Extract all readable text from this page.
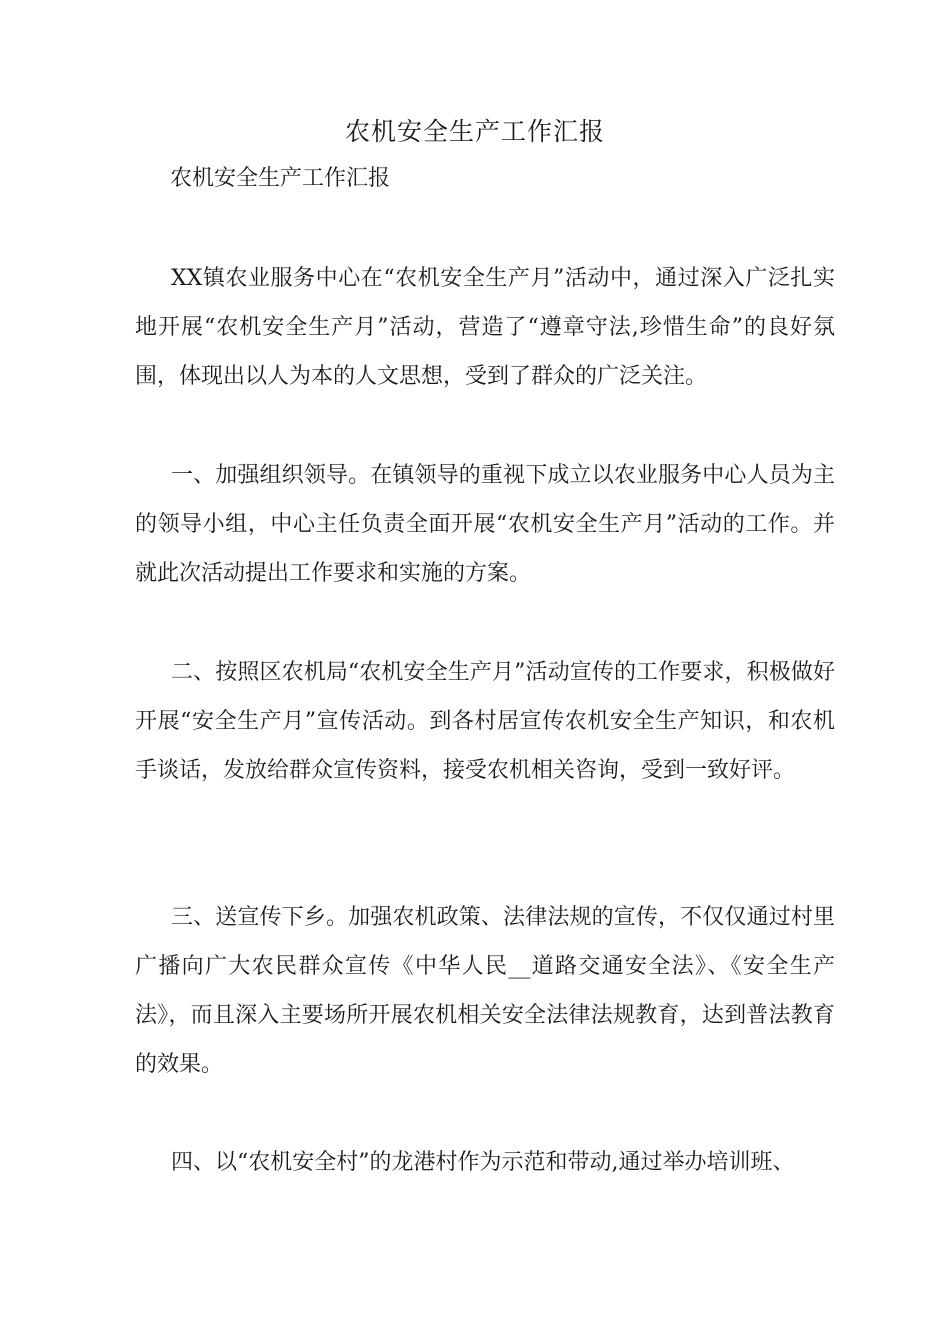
农机安全生产工作汇报

农机安全生产工作汇报

XX镇农业服务中心在“农机安全生产月”活动中，通过深入广泛扎实地开展“农机安全生产月”活动，营造了“遵章守法,珍惜生命”的良好氛围，体现出以人为本的人文思想，受到了群众的广泛关注。

一、加强组织领导。在镇领导的重视下成立以农业服务中心人员为主的领导小组，中心主任负责全面开展“农机安全生产月”活动的工作。并就此次活动提出工作要求和实施的方案。

二、按照区农机局“农机安全生产月”活动宣传的工作要求，积极做好开展“安全生产月”宣传活动。到各村居宣传农机安全生产知识，和农机手谈话，发放给群众宣传资料，接受农机相关咨询，受到一致好评。

三、送宣传下乡。加强农机政策、法律法规的宣传，不仅仅通过村里广播向广大农民群众宣传《中华人民__道路交通安全法》、《安全生产法》，而且深入主要场所开展农机相关安全法律法规教育，达到普法教育的效果。

四、以“农机安全村”的龙港村作为示范和带动,通过举办培训班、
